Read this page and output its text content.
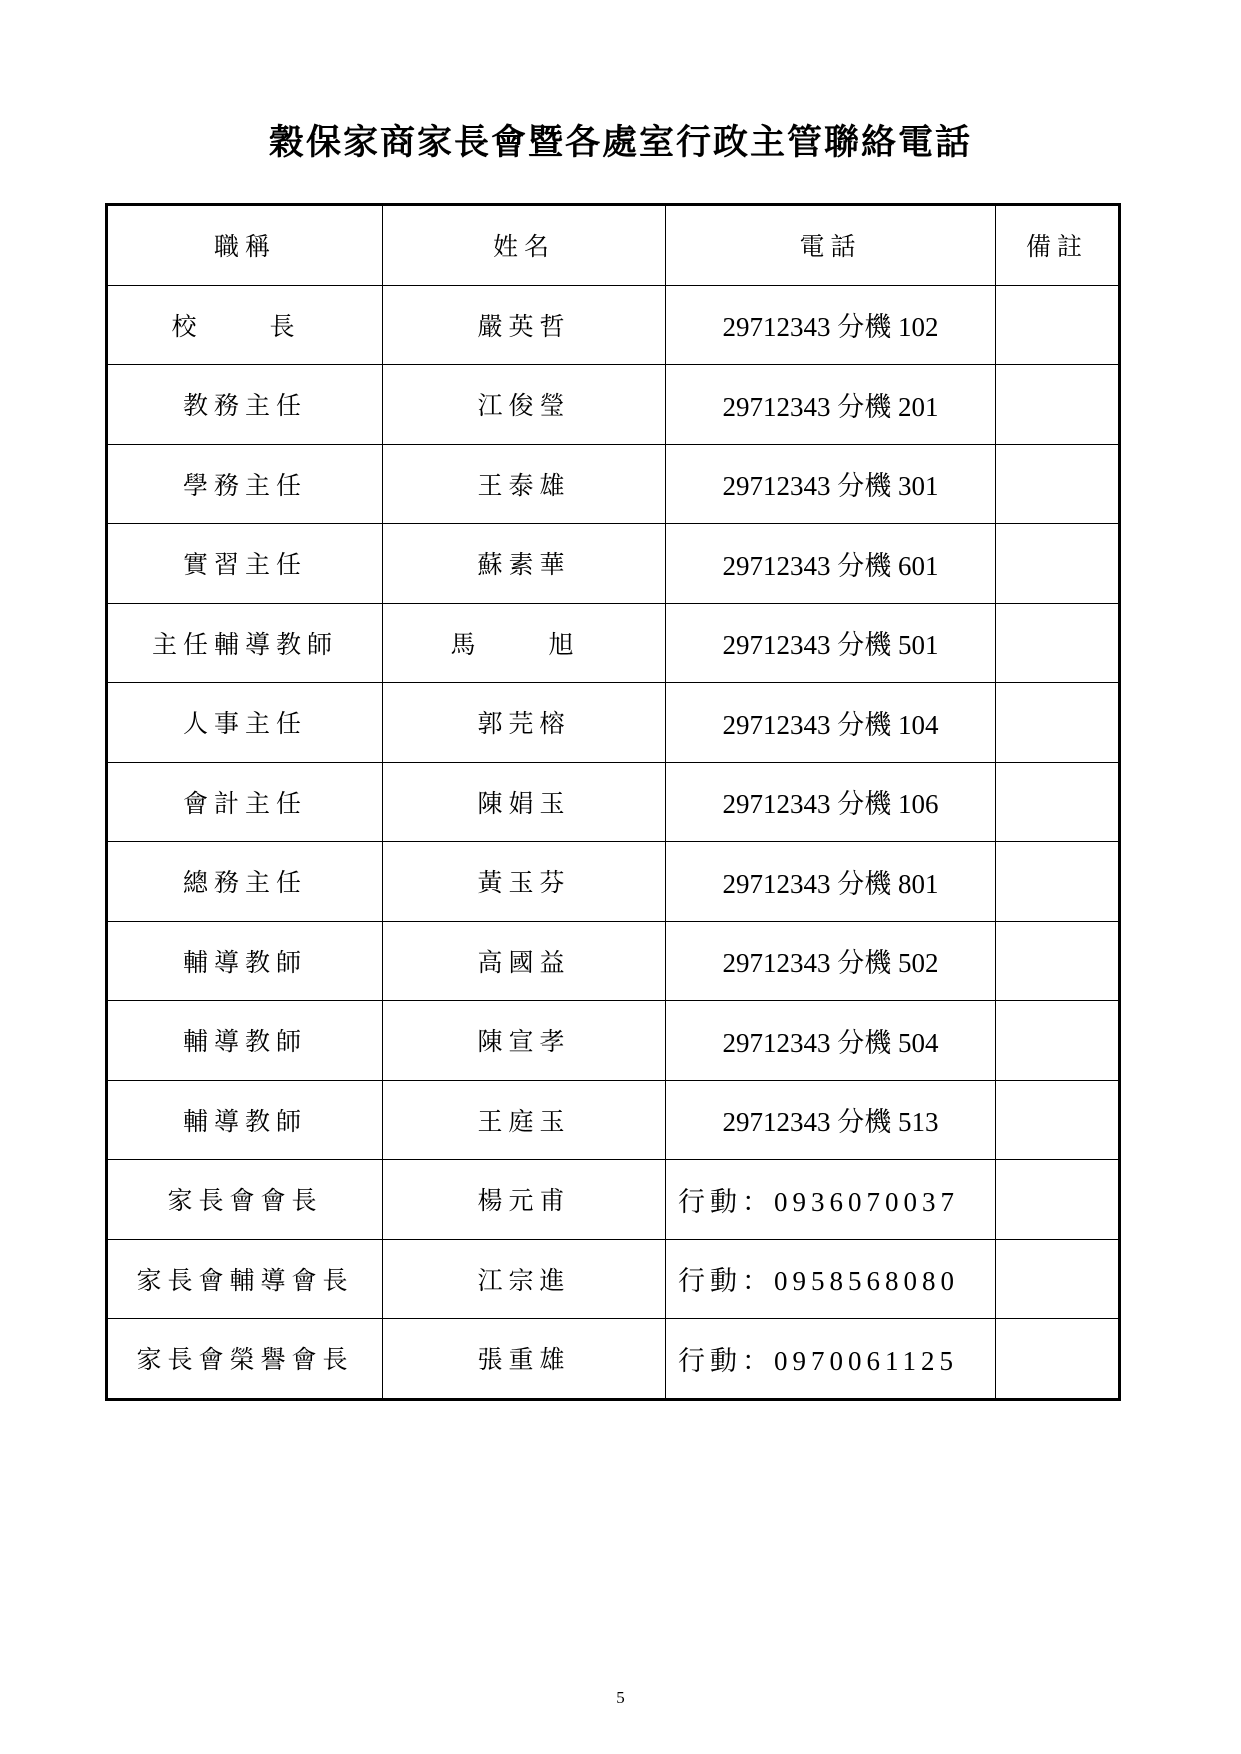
穀保家商家長會暨各處室行政主管聯絡電話
職稱	姓名	電話	備註
校　長	嚴英哲	29712343 分機 102	
教務主任	江俊瑩	29712343 分機 201	
學務主任	王泰雄	29712343 分機 301	
實習主任	蘇素華	29712343 分機 601	
主任輔導教師	馬　旭	29712343 分機 501	
人事主任	郭芫榕	29712343 分機 104	
會計主任	陳娟玉	29712343 分機 106	
總務主任	黃玉芬	29712343 分機 801	
輔導教師	高國益	29712343 分機 502	
輔導教師	陳宣孝	29712343 分機 504	
輔導教師	王庭玉	29712343 分機 513	
家長會會長	楊元甫	行動：0936070037	
家長會輔導會長	江宗進	行動：0958568080	
家長會榮譽會長	張重雄	行動：0970061125	
5
